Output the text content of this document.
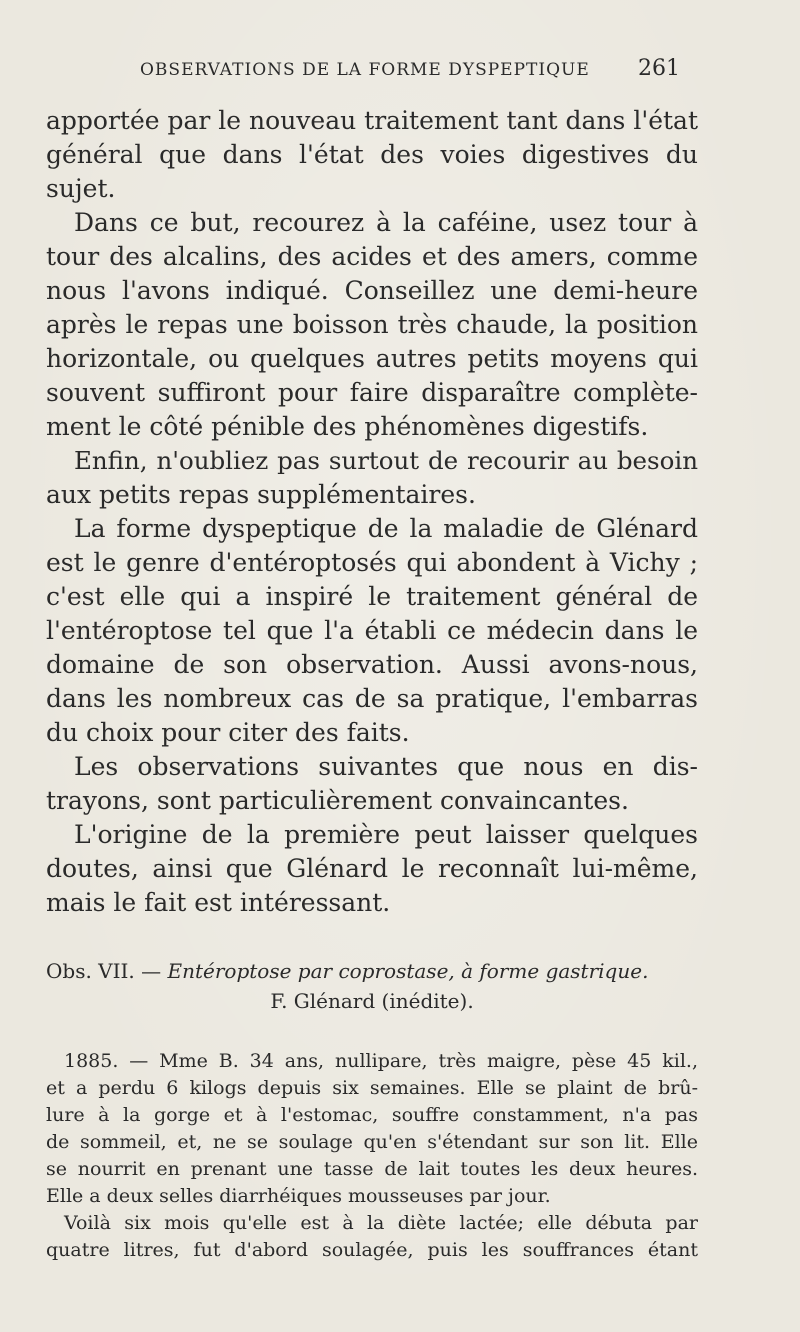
OBSERVATIONS DE LA FORME DYSPEPTIQUE 261
apportée par le nouveau traitement tant dans l'état
général que dans l'état des voies digestives du
sujet.
Dans ce but, recourez à la caféine, usez tour à
tour des alcalins, des acides et des amers, comme
nous l'avons indiqué. Conseillez une demi-heure
après le repas une boisson très chaude, la position
horizontale, ou quelques autres petits moyens qui
souvent suffiront pour faire disparaître complète-
ment le côté pénible des phénomènes digestifs.
Enfin, n'oubliez pas surtout de recourir au besoin
aux petits repas supplémentaires.
La forme dyspeptique de la maladie de Glénard
est le genre d'entéroptosés qui abondent à Vichy ;
c'est elle qui a inspiré le traitement général de
l'entéroptose tel que l'a établi ce médecin dans le
domaine de son observation. Aussi avons-nous,
dans les nombreux cas de sa pratique, l'embarras
du choix pour citer des faits.
Les observations suivantes que nous en dis-
trayons, sont particulièrement convaincantes.
L'origine de la première peut laisser quelques
doutes, ainsi que Glénard le reconnaît lui-même,
mais le fait est intéressant.
Obs. VII. — Entéroptose par coprostase, à forme gastrique.
F. Glénard (inédite).
1885. — Mme B. 34 ans, nullipare, très maigre, pèse 45 kil.,
et a perdu 6 kilogs depuis six semaines. Elle se plaint de brû-
lure à la gorge et à l'estomac, souffre constamment, n'a pas
de sommeil, et, ne se soulage qu'en s'étendant sur son lit. Elle
se nourrit en prenant une tasse de lait toutes les deux heures.
Elle a deux selles diarrhéiques mousseuses par jour.
Voilà six mois qu'elle est à la diète lactée; elle débuta par
quatre litres, fut d'abord soulagée, puis les souffrances étant
